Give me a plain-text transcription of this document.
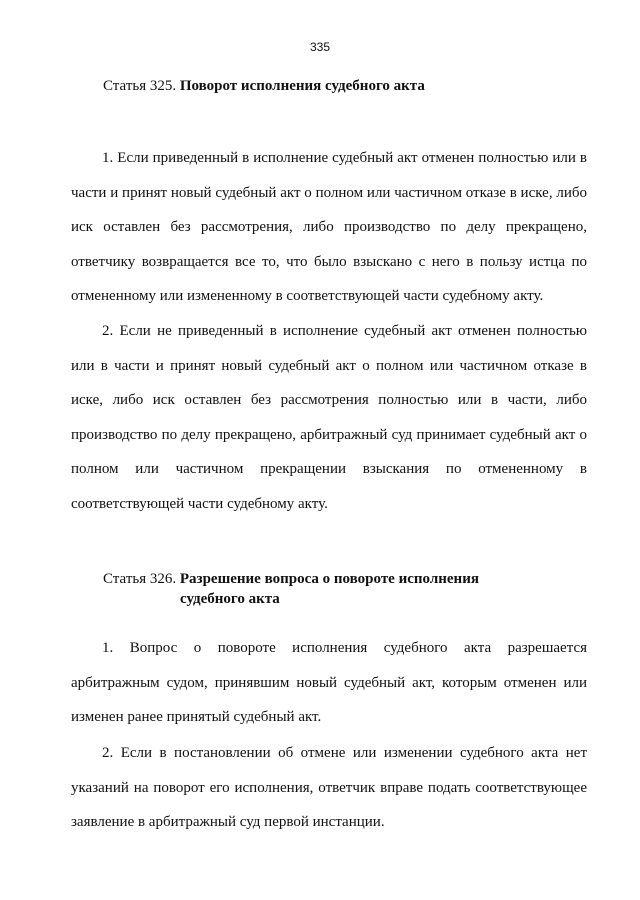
335
Статья 325. Поворот исполнения судебного акта

1. Если приведенный в исполнение судебный акт отменен полностью или в части и принят новый судебный акт о полном или частичном отказе в иске, либо иск оставлен без рассмотрения, либо производство по делу прекращено, ответчику возвращается все то, что было взыскано с него в пользу истца по отмененному или измененному в соответствующей части судебному акту.

2. Если не приведенный в исполнение судебный акт отменен полностью или в части и принят новый судебный акт о полном или частичном отказе в иске, либо иск оставлен без рассмотрения полностью или в части, либо производство по делу прекращено, арбитражный суд принимает судебный акт о полном или частичном прекращении взыскания по отмененному в соответствующей части судебному акту.

Статья 326. Разрешение вопроса о повороте исполнения
судебного акта

1. Вопрос о повороте исполнения судебного акта разрешается арбитражным судом, принявшим новый судебный акт, которым отменен или изменен ранее принятый судебный акт.

2. Если в постановлении об отмене или изменении судебного акта нет указаний на поворот его исполнения, ответчик вправе подать соответствующее заявление в арбитражный суд первой инстанции.
